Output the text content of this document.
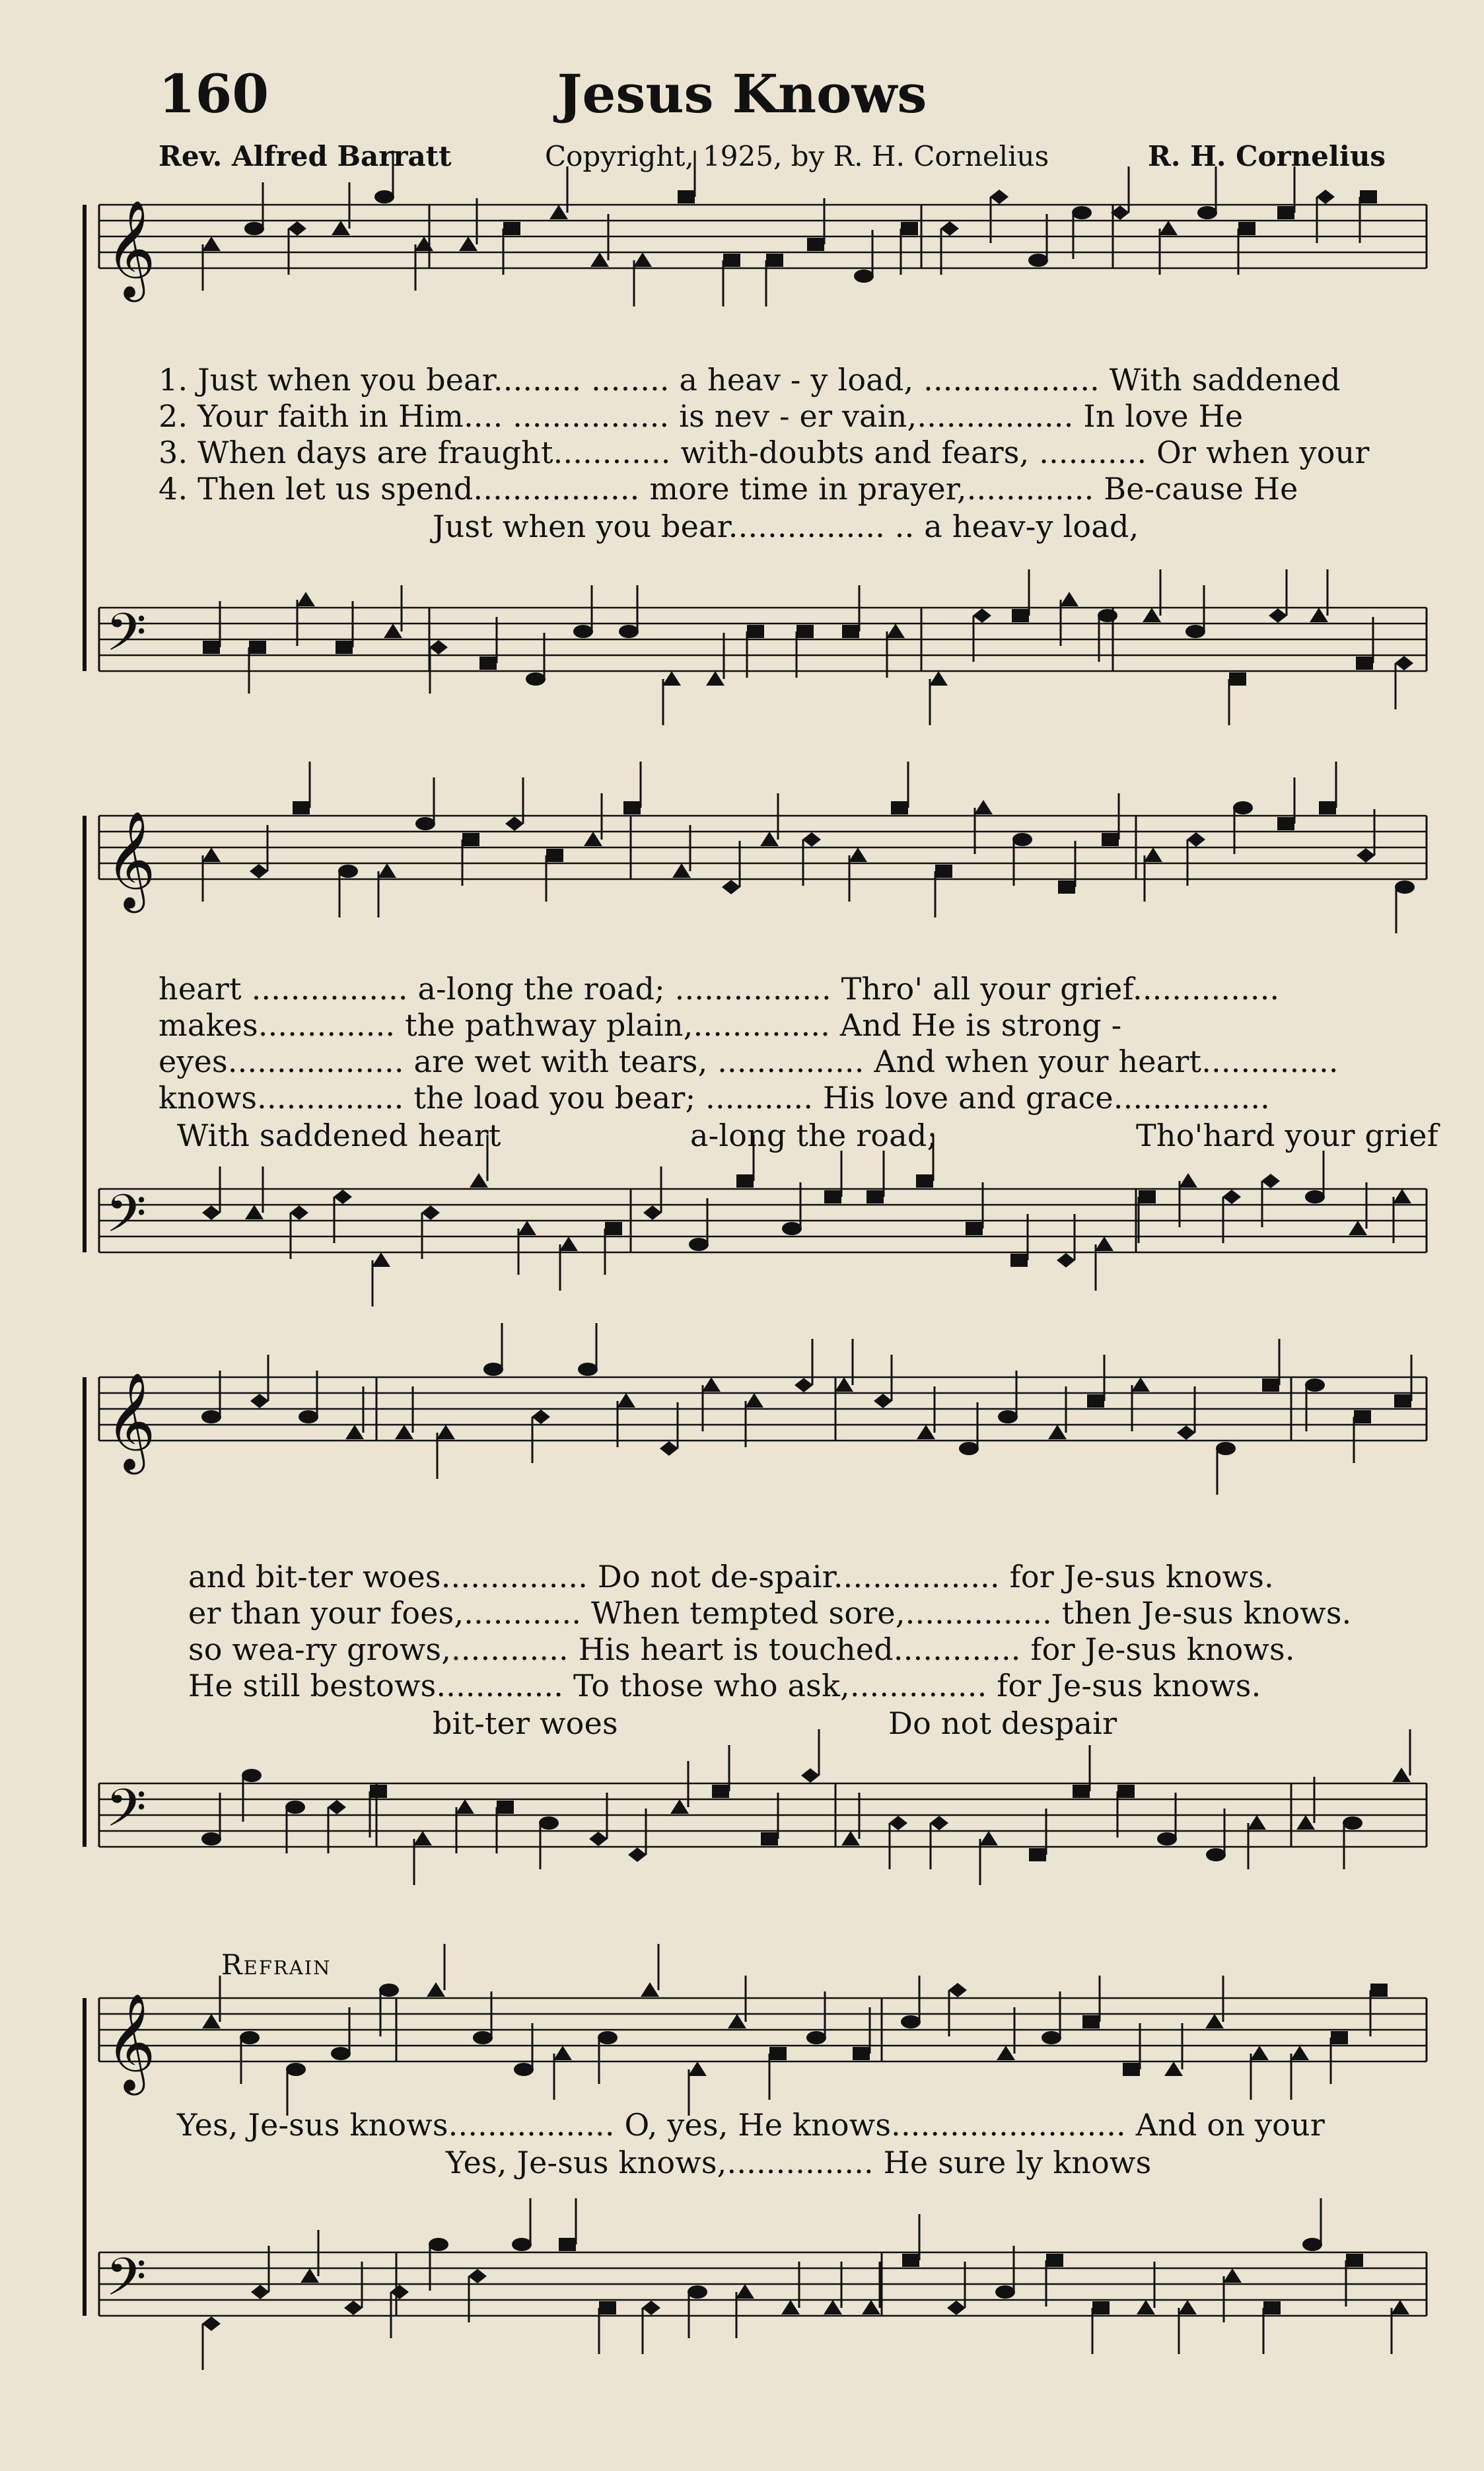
160	Jesus Knows
Rev. Alfred Barratt	Copyright, 1925, by R. H. Cornelius	R. H. Cornelius
𝄞
𝄢
𝄞
𝄢
𝄞
𝄢
𝄞
𝄢
1. Just when you bear......... ........ a heav - y load, .................. With saddened
2. Your faith in Him.... ................ is nev - er vain,................ In love He
3. When days are fraught............ with-doubts and fears, ........... Or when your
4. Then let us spend................. more time in prayer,............. Be-cause He
Just when you bear................ .. a heav-y load,
heart ................ a-long the road; ................ Thro' all your grief...............
makes.............. the pathway plain,.............. And He is strong -
eyes.................. are wet with tears, ............... And when your heart..............
knows............... the load you bear; ........... His love and grace................
With saddened heart	a-long the road;	Tho'hard your grief
and bit-ter woes............... Do not de-spair................. for Je-sus knows.
er than your foes,............ When tempted sore,............... then Je-sus knows.
so wea-ry grows,............ His heart is touched............. for Je-sus knows.
He still bestows............. To those who ask,.............. for Je-sus knows.
bit-ter woes	Do not despair
Refrain
Yes, Je-sus knows................. O, yes, He knows........................ And on your
Yes, Je-sus knows,............... He sure ly knows
